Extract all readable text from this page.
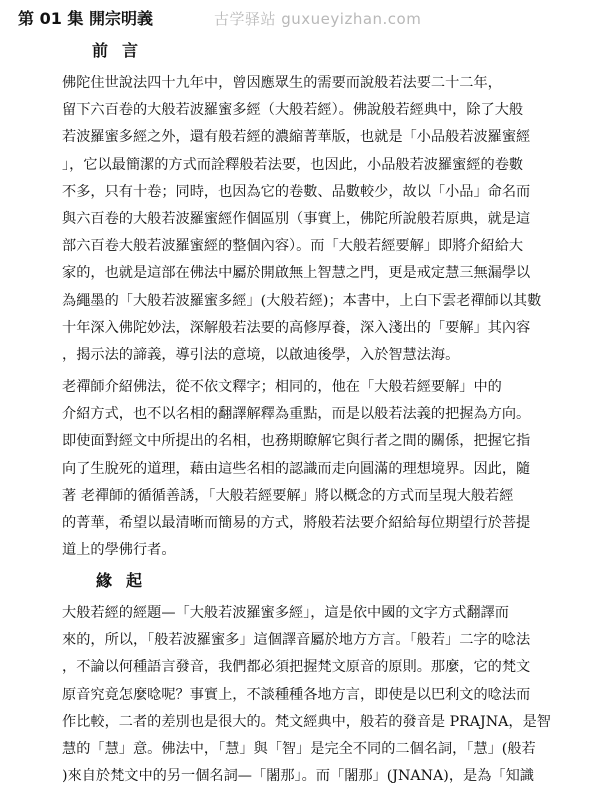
第 01 集 開宗明義	古学驿站 guxueyizhan.com
前言
佛陀住世說法四十九年中，曾因應眾生的需要而說般若法要二十二年，
留下六百卷的大般若波羅蜜多經（大般若經）。佛說般若經典中，除了大般
若波羅蜜多經之外，還有般若經的濃縮菁華版，也就是「小品般若波羅蜜經
」，它以最簡潔的方式而詮釋般若法要，也因此，小品般若波羅蜜經的卷數
不多，只有十卷；同時，也因為它的卷數、品數較少，故以「小品」命名而
與六百卷的大般若波羅蜜經作個區別（事實上，佛陀所說般若原典，就是這
部六百卷大般若波羅蜜經的整個內容）。而「大般若經要解」即將介紹給大
家的，也就是這部在佛法中屬於開啟無上智慧之門，更是戒定慧三無漏學以
為繩墨的「大般若波羅蜜多經」(大般若經)；本書中，上白下雲老禪師以其數
十年深入佛陀妙法，深解般若法要的高修厚養，深入淺出的「要解」其內容
，揭示法的諦義，導引法的意境，以啟迪後學，入於智慧法海。
老禪師介紹佛法，從不依文釋字；相同的，他在「大般若經要解」中的
介紹方式，也不以名相的翻譯解釋為重點，而是以般若法義的把握為方向。
即使面對經文中所提出的名相，也務期瞭解它與行者之間的關係，把握它指
向了生脫死的道理，藉由這些名相的認識而走向圓滿的理想境界。因此，隨
著 老禪師的循循善誘，「大般若經要解」將以概念的方式而呈現大般若經
的菁華，希望以最清晰而簡易的方式，將般若法要介紹給每位期望行於菩提
道上的學佛行者。
緣起
大般若經的經題—「大般若波羅蜜多經」，這是依中國的文字方式翻譯而
來的，所以，「般若波羅蜜多」這個譯音屬於地方方言。「般若」二字的唸法
，不論以何種語言發音，我們都必須把握梵文原音的原則。那麼，它的梵文
原音究竟怎麼唸呢？事實上，不談種種各地方言，即使是以巴利文的唸法而
作比較，二者的差別也是很大的。梵文經典中，般若的發音是 PRAJNA，是智
慧的「慧」意。佛法中，「慧」與「智」是完全不同的二個名詞，「慧」(般若
)來自於梵文中的另一個名詞—「闍那」。而「闍那」(JNANA)，是為「知識
